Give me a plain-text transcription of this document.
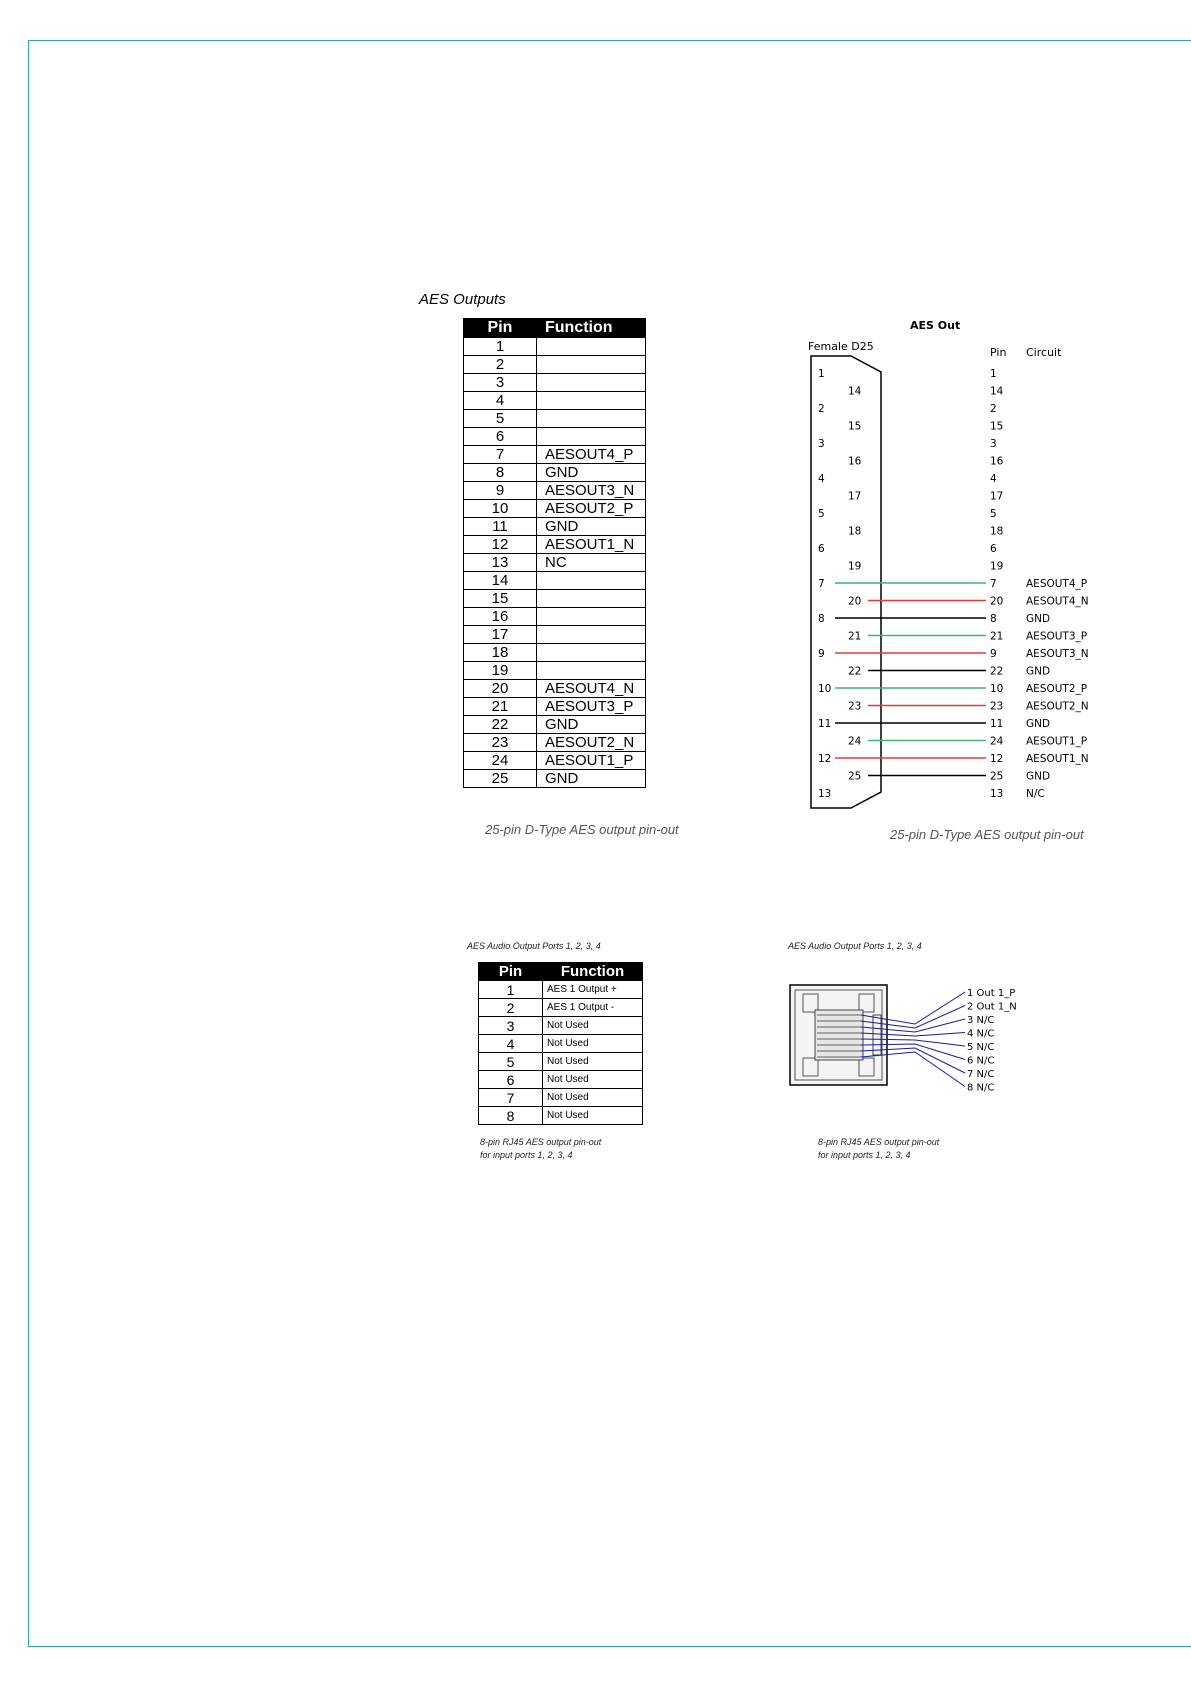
AES Outputs
Pin	Function
1	
2	
3	
4	
5	
6	
7	AESOUT4_P
8	GND
9	AESOUT3_N
10	AESOUT2_P
11	GND
12	AESOUT1_N
13	NC
14	
15	
16	
17	
18	
19	
20	AESOUT4_N
21	AESOUT3_P
22	GND
23	AESOUT2_N
24	AESOUT1_P
25	GND
25-pin D-Type AES output pin-out
AES Out
Female D25	Pin Circuit
1	1
14	14
2	2
15	15
3	3
16	16
4	4
17	17
5	5
18	18
6	6
19	19
7	7	AESOUT4_P
20	20 AESOUT4_N
8	8	GND
21	21 AESOUT3_P
9	9	AESOUT3_N
22	22 GND
10	10 AESOUT2_P
23	23 AESOUT2_N
11	11 GND
24	24 AESOUT1_P
12	12 AESOUT1_N
25	25 GND
13	13 N/C
25-pin D-Type AES output pin-out
AES Audio Output Ports 1, 2, 3, 4
Pin	Function
1	AES 1 Output +
2	AES 1 Output -
3	Not Used
4	Not Used
5	Not Used
6	Not Used
7	Not Used
8	Not Used
8-pin RJ45 AES output pin-out
for input ports 1, 2, 3, 4
AES Audio Output Ports 1, 2, 3, 4
1 Out 1_P
2 Out 1_N
3 N/C
4 N/C
5 N/C
6 N/C
7 N/C
8 N/C
8-pin RJ45 AES output pin-out
for input ports 1, 2, 3, 4
